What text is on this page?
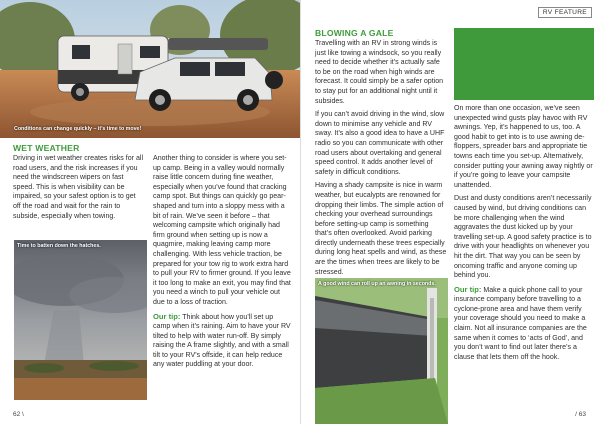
Conditions can change quickly – it’s time to move!
WET WEATHER

Driving in wet weather creates risks for all road users, and the risk increases if you need the windscreen wipers on fast speed. This is when visibility can be impaired, so your safest option is to get off the road and wait for the rain to subside, especially when towing.

Time to batten down the hatches.

Another thing to consider is where you set-up camp. Being in a valley would normally raise little concern during fine weather, especially when you’ve found that cracking camp spot. But things can quickly go pear-shaped and turn into a sloppy mess with a bit of rain. We’ve seen it before – that welcoming campsite which originally had firm ground when setting up is now a quagmire, making leaving camp more challenging. With less vehicle traction, be prepared for your tow rig to work extra hard to pull your RV to firmer ground. If you leave it too long to make an exit, you may find that you need a winch to pull your vehicle out due to a loss of traction.

Our tip: Think about how you’ll set up camp when it’s raining. Aim to have your RV tilted to help with water run-off. By simply raising the A frame slightly, and with a small tilt to your RV’s offside, it can help reduce any water puddling at your door.

62 \
RV FEATURE
BLOWING A GALE

Travelling with an RV in strong winds is just like towing a windsock, so you really need to decide whether it’s actually safe to be on the road when high winds are forecast. It could simply be a safer option to stay put for an additional night until it subsides.

If you can’t avoid driving in the wind, slow down to minimise any vehicle and RV sway. It’s also a good idea to have a UHF radio so you can communicate with other road users about overtaking and general speed control. It adds another level of safety in difficult conditions.

Having a shady campsite is nice in warm weather, but eucalypts are renowned for dropping their limbs. The simple action of checking your overhead surroundings before setting-up camp is something that’s often overlooked. Avoid parking directly underneath these trees especially during long heat spells and wind, as these are the times when trees are likely to be stressed.

A good wind can roll up an awning in seconds.

On more than one occasion, we’ve seen unexpected wind gusts play havoc with RV awnings. Yep, it’s happened to us, too. A good habit to get into is to use awning de-floppers, spreader bars and appropriate tie towns each time you set-up. Alternatively, consider putting your awning away nightly or if you’re going to leave your campsite unattended.

Dust and dusty conditions aren’t necessarily caused by wind, but driving conditions can be more challenging when the wind aggravates the dust kicked up by your travelling set-up. A good safety practice is to drive with your headlights on whenever you hit the dirt. That way you can be seen by oncoming traffic and anyone coming up behind you.

Our tip: Make a quick phone call to your insurance company before travelling to a cyclone-prone area and have them verify your coverage should you need to make a claim. Not all insurance companies are the same when it comes to ‘acts of God’, and you don’t want to find out later there’s a clause that lets them off the hook.

/ 63
